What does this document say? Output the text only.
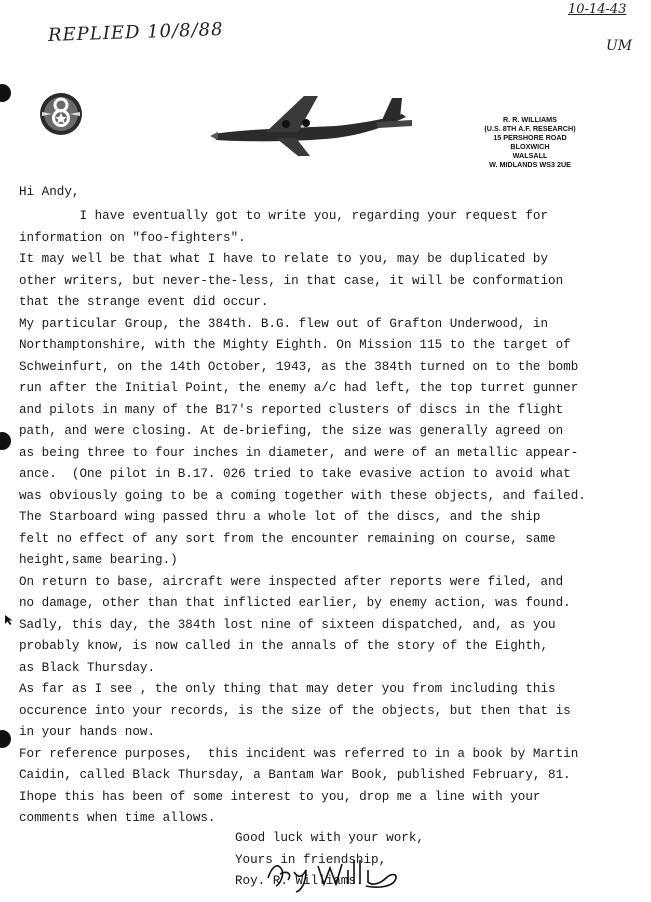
REPLIED 10/8/88
10-14-43
UM
R. R. WILLIAMS
(U.S. 8TH A.F. RESEARCH)
15 PERSHORE ROAD
BLOXWICH
WALSALL
W. MIDLANDS WS3 2UE
Hi Andy,
I have eventually got to write you, regarding your request for
information on "foo-fighters".
It may well be that what I have to relate to you, may be duplicated by
other writers, but never-the-less, in that case, it will be conformation
that the strange event did occur.
My particular Group, the 384th. B.G. flew out of Grafton Underwood, in
Northamptonshire, with the Mighty Eighth. On Mission 115 to the target of
Schweinfurt, on the 14th October, 1943, as the 384th turned on to the bomb
run after the Initial Point, the enemy a/c had left, the top turret gunner
and pilots in many of the B17's reported clusters of discs in the flight
path, and were closing. At de-briefing, the size was generally agreed on
as being three to four inches in diameter, and were of an metallic appear-
ance.  (One pilot in B.17. 026 tried to take evasive action to avoid what
was obviously going to be a coming together with these objects, and failed.
The Starboard wing passed thru a whole lot of the discs, and the ship
felt no effect of any sort from the encounter remaining on course, same
height,same bearing.)
On return to base, aircraft were inspected after reports were filed, and
no damage, other than that inflicted earlier, by enemy action, was found.
Sadly, this day, the 384th lost nine of sixteen dispatched, and, as you
probably know, is now called in the annals of the story of the Eighth,
as Black Thursday.
As far as I see , the only thing that may deter you from including this
occurence into your records, is the size of the objects, but then that is
in your hands now.
For reference purposes,  this incident was referred to in a book by Martin
Caidin, called Black Thursday, a Bantam War Book, published February, 81.
Ihope this has been of some interest to you, drop me a line with your
comments when time allows.
Good luck with your work,
Yours in friendship,
Roy. R. Williams.
